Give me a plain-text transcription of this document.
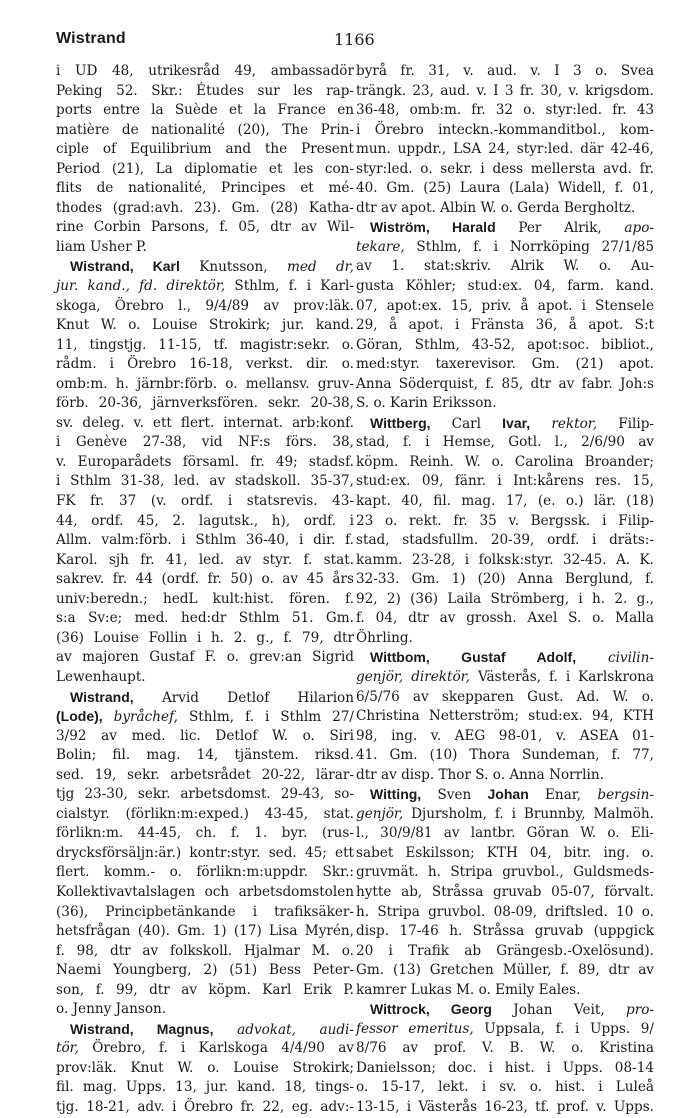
Wistrand	1166
i UD 48, utrikesråd 49, ambassadör
Peking 52. Skr.: Études sur les rap-
ports entre la Suède et la France en
matière de nationalité (20), The Prin-
ciple of Equilibrium and the Present
Period (21), La diplomatie et les con-
flits de nationalité, Principes et mé-
thodes (grad:avh. 23). Gm. (28) Katha-
rine Corbin Parsons, f. 05, dtr av Wil-
liam Usher P.
Wistrand, Karl Knutsson, med dr,
jur. kand., fd. direktör, Sthlm, f. i Karl-
skoga, Örebro l., 9/4/89 av prov:läk.
Knut W. o. Louise Strokirk; jur. kand.
11, tingstjg. 11-15, tf. magistr:sekr. o.
rådm. i Örebro 16-18, verkst. dir. o.
omb:m. h. järnbr:förb. o. mellansv. gruv-
förb. 20-36, järnverksfören. sekr. 20-38,
sv. deleg. v. ett flert. internat. arb:konf.
i Genève 27-38, vid NF:s förs. 38,
v. Europarådets församl. fr. 49; stadsf.
i Sthlm 31-38, led. av stadskoll. 35-37,
FK fr. 37 (v. ordf. i statsrevis. 43-
44, ordf. 45, 2. lagutsk., h), ordf. i
Allm. valm:förb. i Sthlm 36-40, i dir. f.
Karol. sjh fr. 41, led. av styr. f. stat.
sakrev. fr. 44 (ordf. fr. 50) o. av 45 års
univ:beredn.; hedL kult:hist. fören. f.
s:a Sv:e; med. hed:dr Sthlm 51. Gm.
(36) Louise Follin i h. 2. g., f. 79, dtr
av majoren Gustaf F. o. grev:an Sigrid
Lewenhaupt.
Wistrand, Arvid Detlof Hilarion
(Lode), byråchef, Sthlm, f. i Sthlm 27/
3/92 av med. lic. Detlof W. o. Siri
Bolin; fil. mag. 14, tjänstem. riksd.
sed. 19, sekr. arbetsrådet 20-22, lärar-
tjg 23-30, sekr. arbetsdomst. 29-43, so-
cialstyr. (förlikn:m:exped.) 43-45, stat.
förlikn:m. 44-45, ch. f. 1. byr. (rus-
drycksförsäljn:är.) kontr:styr. sed. 45; ett
flert. komm.- o. förlikn:m:uppdr. Skr.:
Kollektivavtalslagen och arbetsdomstolen
(36), Principbetänkande i trafiksäker-
hetsfrågan (40). Gm. 1) (17) Lisa Myrén,
f. 98, dtr av folkskoll. Hjalmar M. o.
Naemi Youngberg, 2) (51) Bess Peter-
son, f. 99, dtr av köpm. Karl Erik P.
o. Jenny Janson.
Wistrand, Magnus, advokat, audi-
tör, Örebro, f. i Karlskoga 4/4/90 av
prov:läk. Knut W. o. Louise Strokirk;
fil. mag. Upps. 13, jur. kand. 18, tings-
tjg. 18-21, adv. i Örebro fr. 22, eg. adv:-
byrå fr. 31, v. aud. v. I 3 o. Svea
trängk. 23, aud. v. I 3 fr. 30, v. krigsdom.
36-48, omb:m. fr. 32 o. styr:led. fr. 43
i Örebro inteckn.-kommanditbol., kom-
mun. uppdr., LSA 24, styr:led. där 42-46,
styr:led. o. sekr. i dess mellersta avd. fr.
40. Gm. (25) Laura (Lala) Widell, f. 01,
dtr av apot. Albin W. o. Gerda Bergholtz.
Wiström, Harald Per Alrik, apo-
tekare, Sthlm, f. i Norrköping 27/1/85
av 1. stat:skriv. Alrik W. o. Au-
gusta Köhler; stud:ex. 04, farm. kand.
07, apot:ex. 15, priv. å apot. i Stensele
29, å apot. i Fränsta 36, å apot. S:t
Göran, Sthlm, 43-52, apot:soc. bibliot.,
med:styr. taxerevisor. Gm. (21) apot.
Anna Söderquist, f. 85, dtr av fabr. Joh:s
S. o. Karin Eriksson.
Wittberg, Carl Ivar, rektor, Filip-
stad, f. i Hemse, Gotl. l., 2/6/90 av
köpm. Reinh. W. o. Carolina Broander;
stud:ex. 09, fänr. i Int:kårens res. 15,
kapt. 40, fil. mag. 17, (e. o.) lär. (18)
23 o. rekt. fr. 35 v. Bergssk. i Filip-
stad, stadsfullm. 20-39, ordf. i dräts:-
kamm. 23-28, i folksk:styr. 32-45. A. K.
32-33. Gm. 1) (20) Anna Berglund, f.
92, 2) (36) Laila Strömberg, i h. 2. g.,
f. 04, dtr av grossh. Axel S. o. Malla
Öhrling.
Wittbom, Gustaf Adolf, civilin-
genjör, direktör, Västerås, f. i Karlskrona
6/5/76 av skepparen Gust. Ad. W. o.
Christina Netterström; stud:ex. 94, KTH
98, ing. v. AEG 98-01, v. ASEA 01-
41. Gm. (10) Thora Sundeman, f. 77,
dtr av disp. Thor S. o. Anna Norrlin.
Witting, Sven Johan Enar, bergsin-
genjör, Djursholm, f. i Brunnby, Malmöh.
l., 30/9/81 av lantbr. Göran W. o. Eli-
sabet Eskilsson; KTH 04, bitr. ing. o.
gruvmät. h. Stripa gruvbol., Guldsmeds-
hytte ab, Stråssa gruvab 05-07, förvalt.
h. Stripa gruvbol. 08-09, driftsled. 10 o.
disp. 17-46 h. Stråssa gruvab (uppgick
20 i Trafik ab Grängesb.-Oxelösund).
Gm. (13) Gretchen Müller, f. 89, dtr av
kamrer Lukas M. o. Emily Eales.
Wittrock, Georg Johan Veit, pro-
fessor emeritus, Uppsala, f. i Upps. 9/
8/76 av prof. V. B. W. o. Kristina
Danielsson; doc. i hist. i Upps. 08-14
o. 15-17, lekt. i sv. o. hist. i Luleå
13-15, i Västerås 16-23, tf. prof. v. Upps.
